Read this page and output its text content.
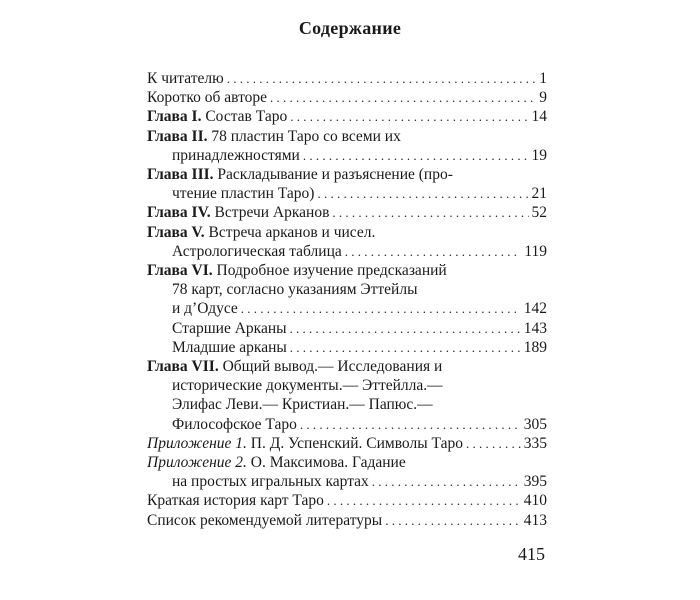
Содержание
К читателю . . .	1
Коротко об авторе . . .	9
Глава I. Состав Таро . . .	14
Глава II. 78 пластин Таро со всеми их
принадлежностями . . .	19
Глава III. Раскладывание и разъяснение (про-
чтение пластин Таро) . . .	21
Глава IV. Встречи Арканов . . .	52
Глава V. Встреча арканов и чисел.
Астрологическая таблица . . .	119
Глава VI. Подробное изучение предсказаний
78 карт, согласно указаниям Эттейлы
и д’Одусе . . .	142
Старшие Арканы . . .	143
Младшие арканы . . .	189
Глава VII. Общий вывод.— Исследования и
исторические документы.— Эттейлла.—
Элифас Леви.— Кристиан.— Папюс.—
Философское Таро . . .	305
Приложение 1. П. Д. Успенский. Символы Таро . . .	335
Приложение 2. О. Максимова. Гадание
на простых игральных картах . . .	395
Краткая история карт Таро . . .	410
Список рекомендуемой литературы . . .	413
415
